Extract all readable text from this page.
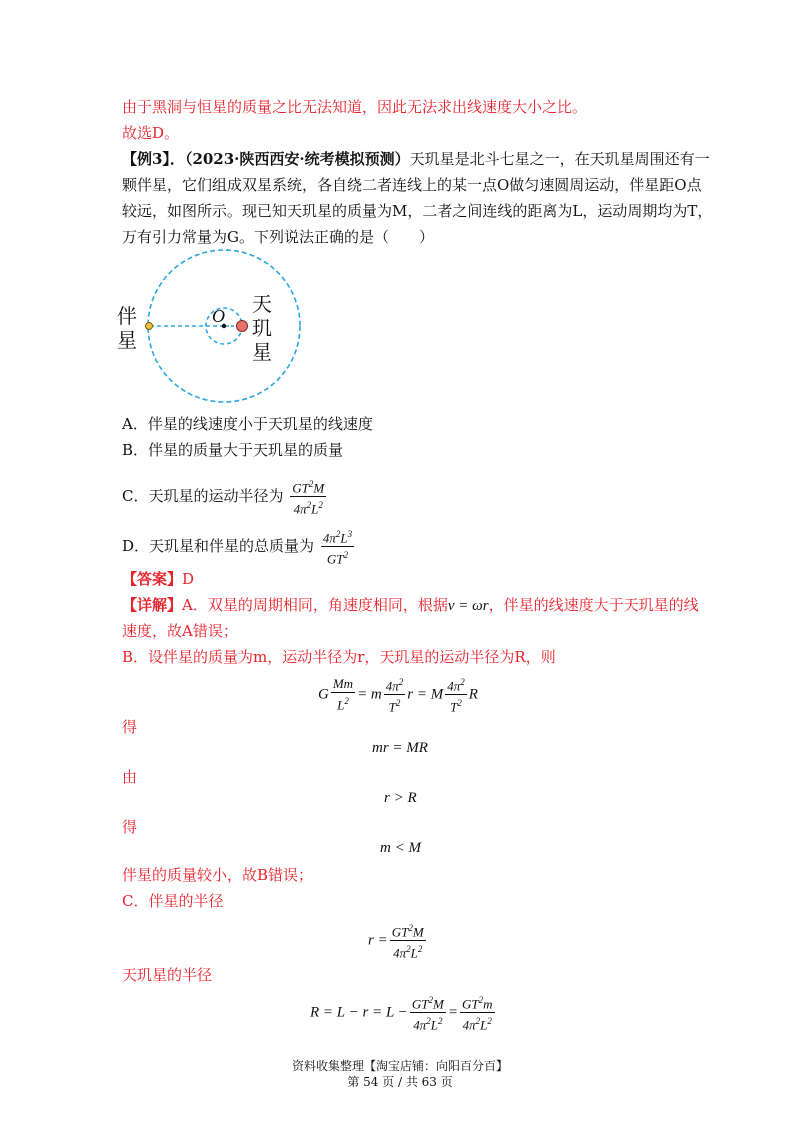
由于黑洞与恒星的质量之比无法知道，因此无法求出线速度大小之比。
故选D。
【例3】．（2023·陕西西安·统考模拟预测）天玑星是北斗七星之一，在天玑星周围还有一
颗伴星，它们组成双星系统，各自绕二者连线上的某一点O做匀速圆周运动，伴星距O点
较远，如图所示。现已知天玑星的质量为M，二者之间连线的距离为L，运动周期均为T，
万有引力常量为G。下列说法正确的是（　　）
伴星
O 天玑星
A．伴星的线速度小于天玑星的线速度
B．伴星的质量大于天玑星的质量
C．天玑星的运动半径为 $\frac{GT^2M}{4\pi^2L^2}$
D．天玑星和伴星的总质量为 $\frac{4\pi^2L^3}{GT^2}$
【答案】D
【详解】A．双星的周期相同，角速度相同，根据v = ωr，伴星的线速度大于天玑星的线
速度，故A错误；
B．设伴星的质量为m，运动半径为r，天玑星的运动半径为R，则
G $\frac{Mm}{L^2} = m \frac{4\pi^2}{T^2}$ r = M $\frac{4\pi^2}{T^2}$ R
得
mr = MR
由
r > R
得
m < M
伴星的质量较小，故B错误；
C．伴星的半径
$r = \frac{GT^2M}{4\pi^2L^2}$
天玑星的半径
$R = L - r = L - \frac{GT^2M}{4\pi^2L^2} = \frac{GT^2m}{4\pi^2L^2}$
资料收集整理【淘宝店铺：向阳百分百】
第 54 页 / 共 63 页
